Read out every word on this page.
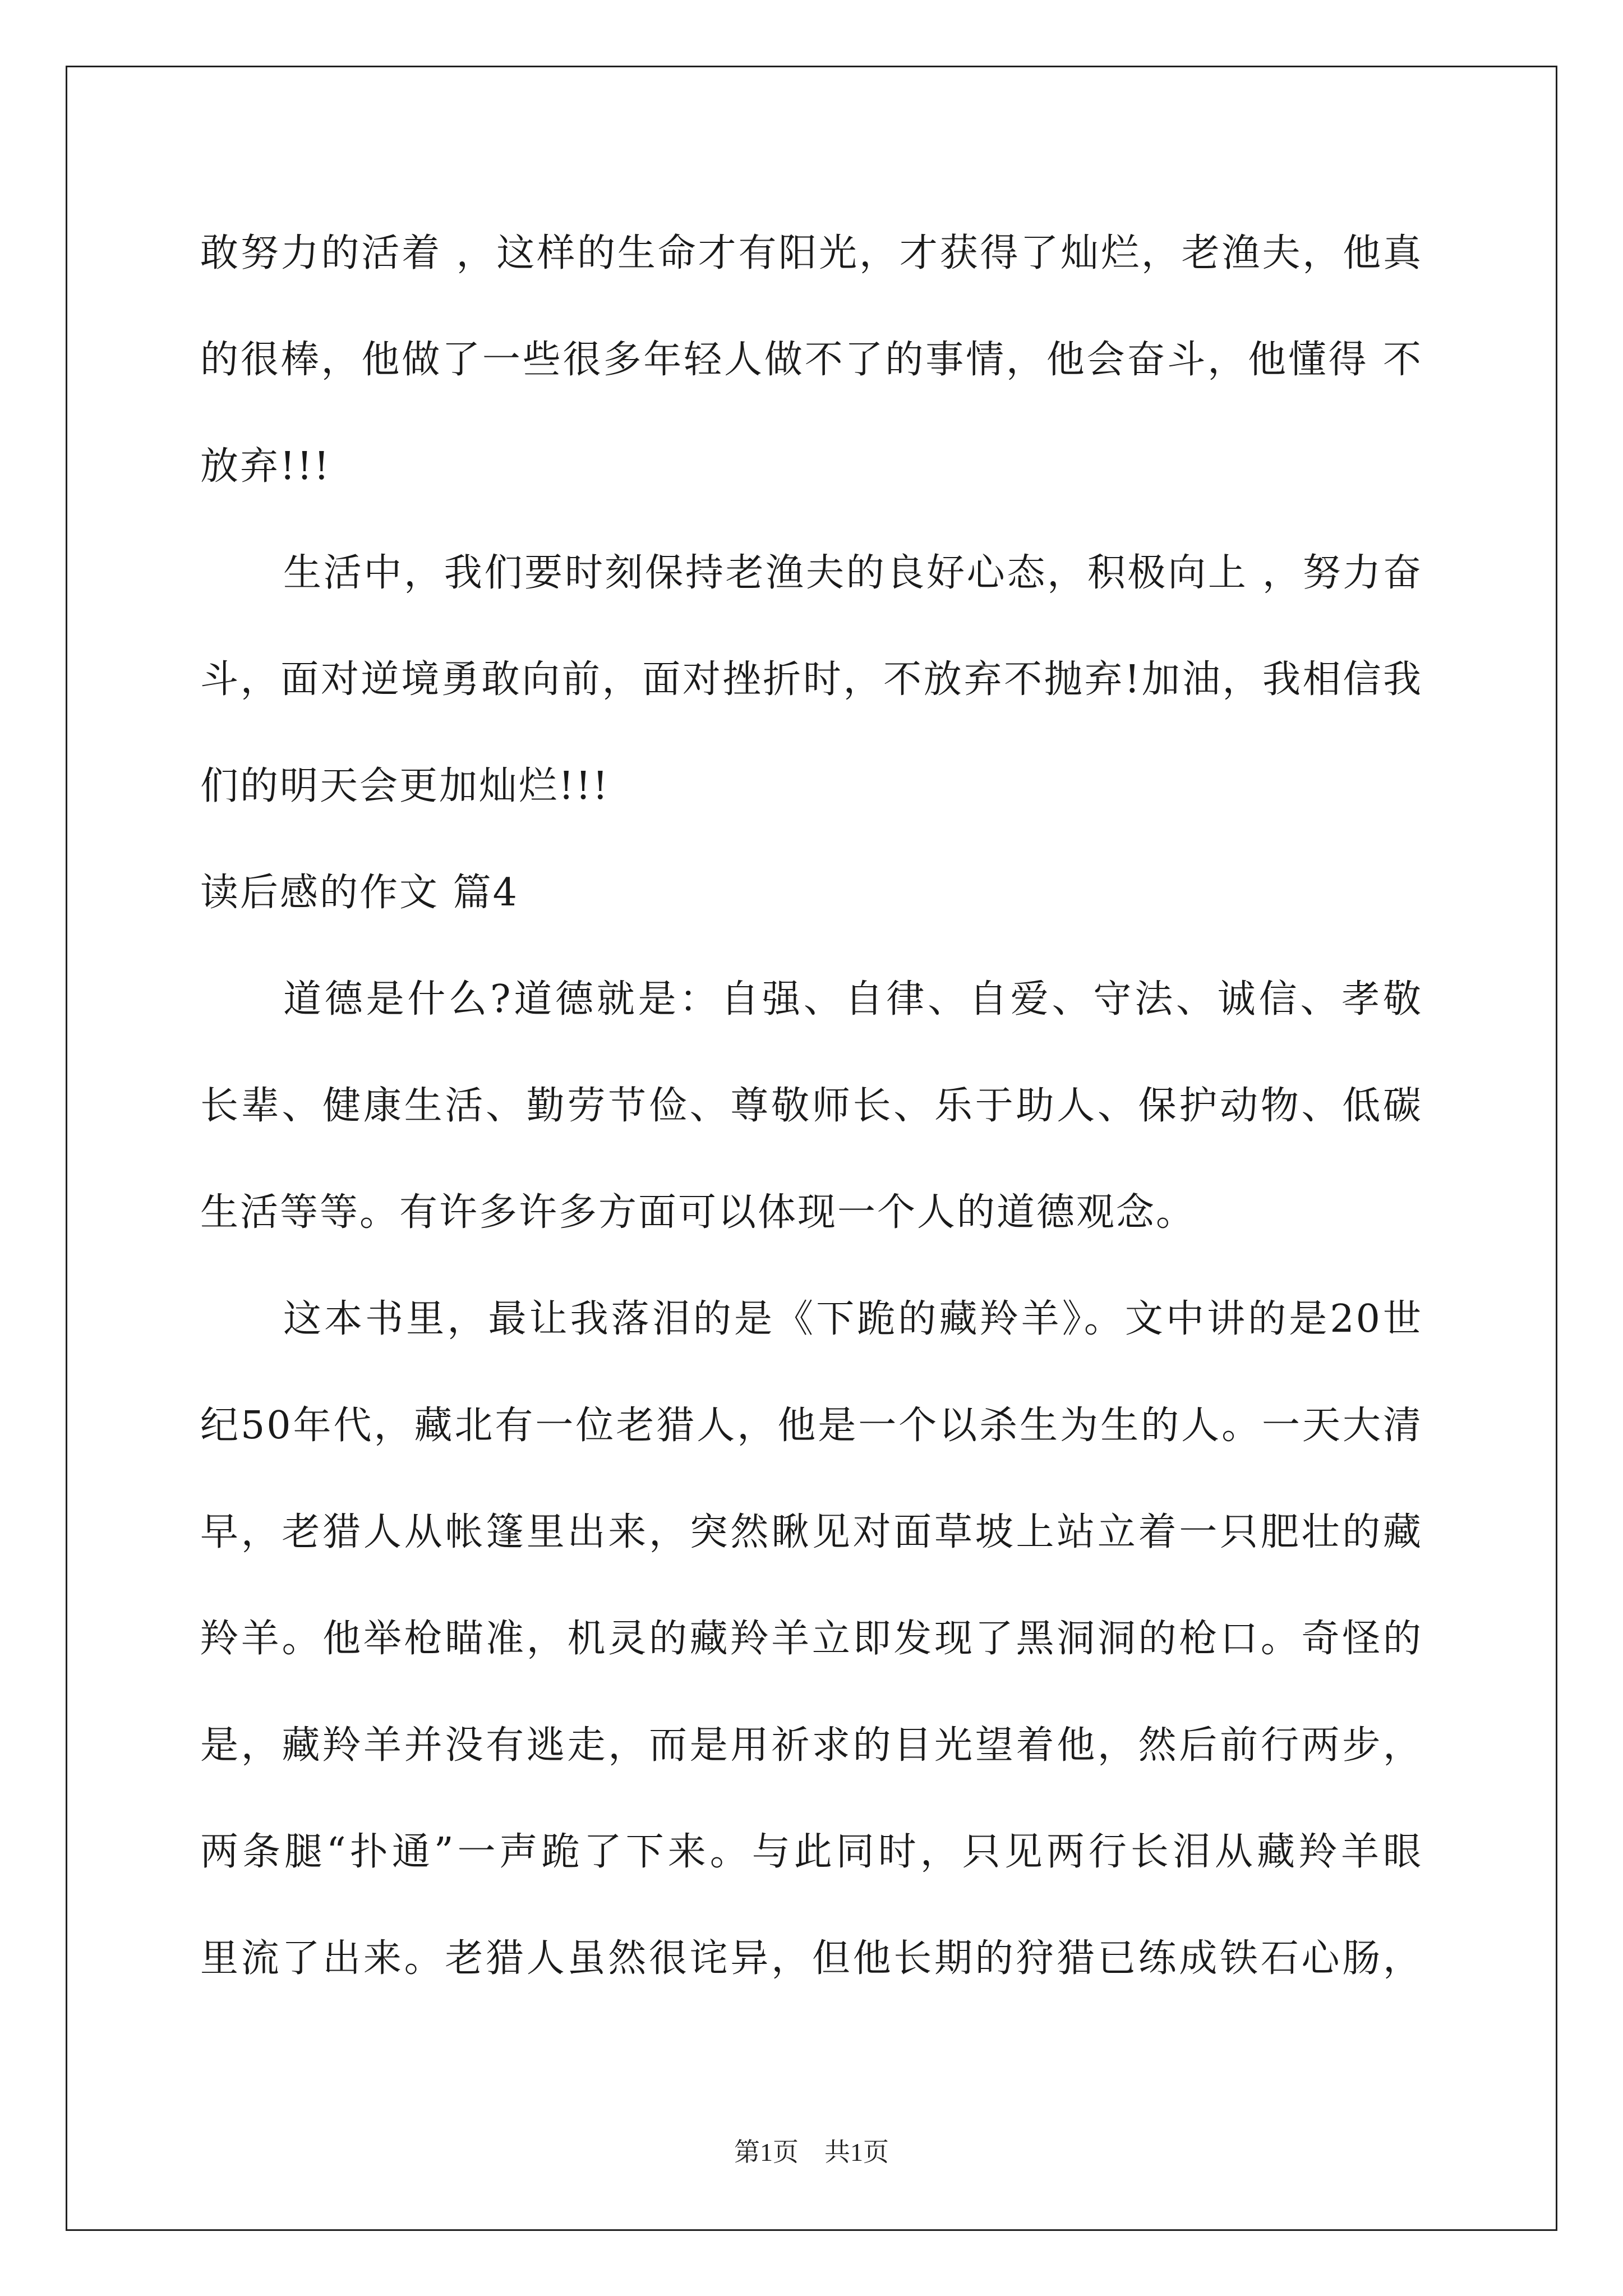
敢努力的活着 ，这样的生命才有阳光，才获得了灿烂，老渔夫，他真
的很棒，他做了一些很多年轻人做不了的事情，他会奋斗，他懂得 不
放弃!!!
生活中，我们要时刻保持老渔夫的良好心态，积极向上 ，努力奋
斗，面对逆境勇敢向前，面对挫折时，不放弃不抛弃!加油，我相信我
们的明天会更加灿烂!!!
读后感的作文 篇4
道德是什么?道德就是：自强、自律、自爱、守法、诚信、孝敬
长辈、健康生活、勤劳节俭、尊敬师长、乐于助人、保护动物、低碳
生活等等。有许多许多方面可以体现一个人的道德观念。
这本书里，最让我落泪的是《下跪的藏羚羊》。文中讲的是20世
纪50年代，藏北有一位老猎人，他是一个以杀生为生的人。一天大清
早，老猎人从帐篷里出来，突然瞅见对面草坡上站立着一只肥壮的藏
羚羊。他举枪瞄准，机灵的藏羚羊立即发现了黑洞洞的枪口。奇怪的
是，藏羚羊并没有逃走，而是用祈求的目光望着他，然后前行两步，
两条腿“扑通”一声跪了下来。与此同时，只见两行长泪从藏羚羊眼
里流了出来。老猎人虽然很诧异，但他长期的狩猎已练成铁石心肠，
第1页　共1页
